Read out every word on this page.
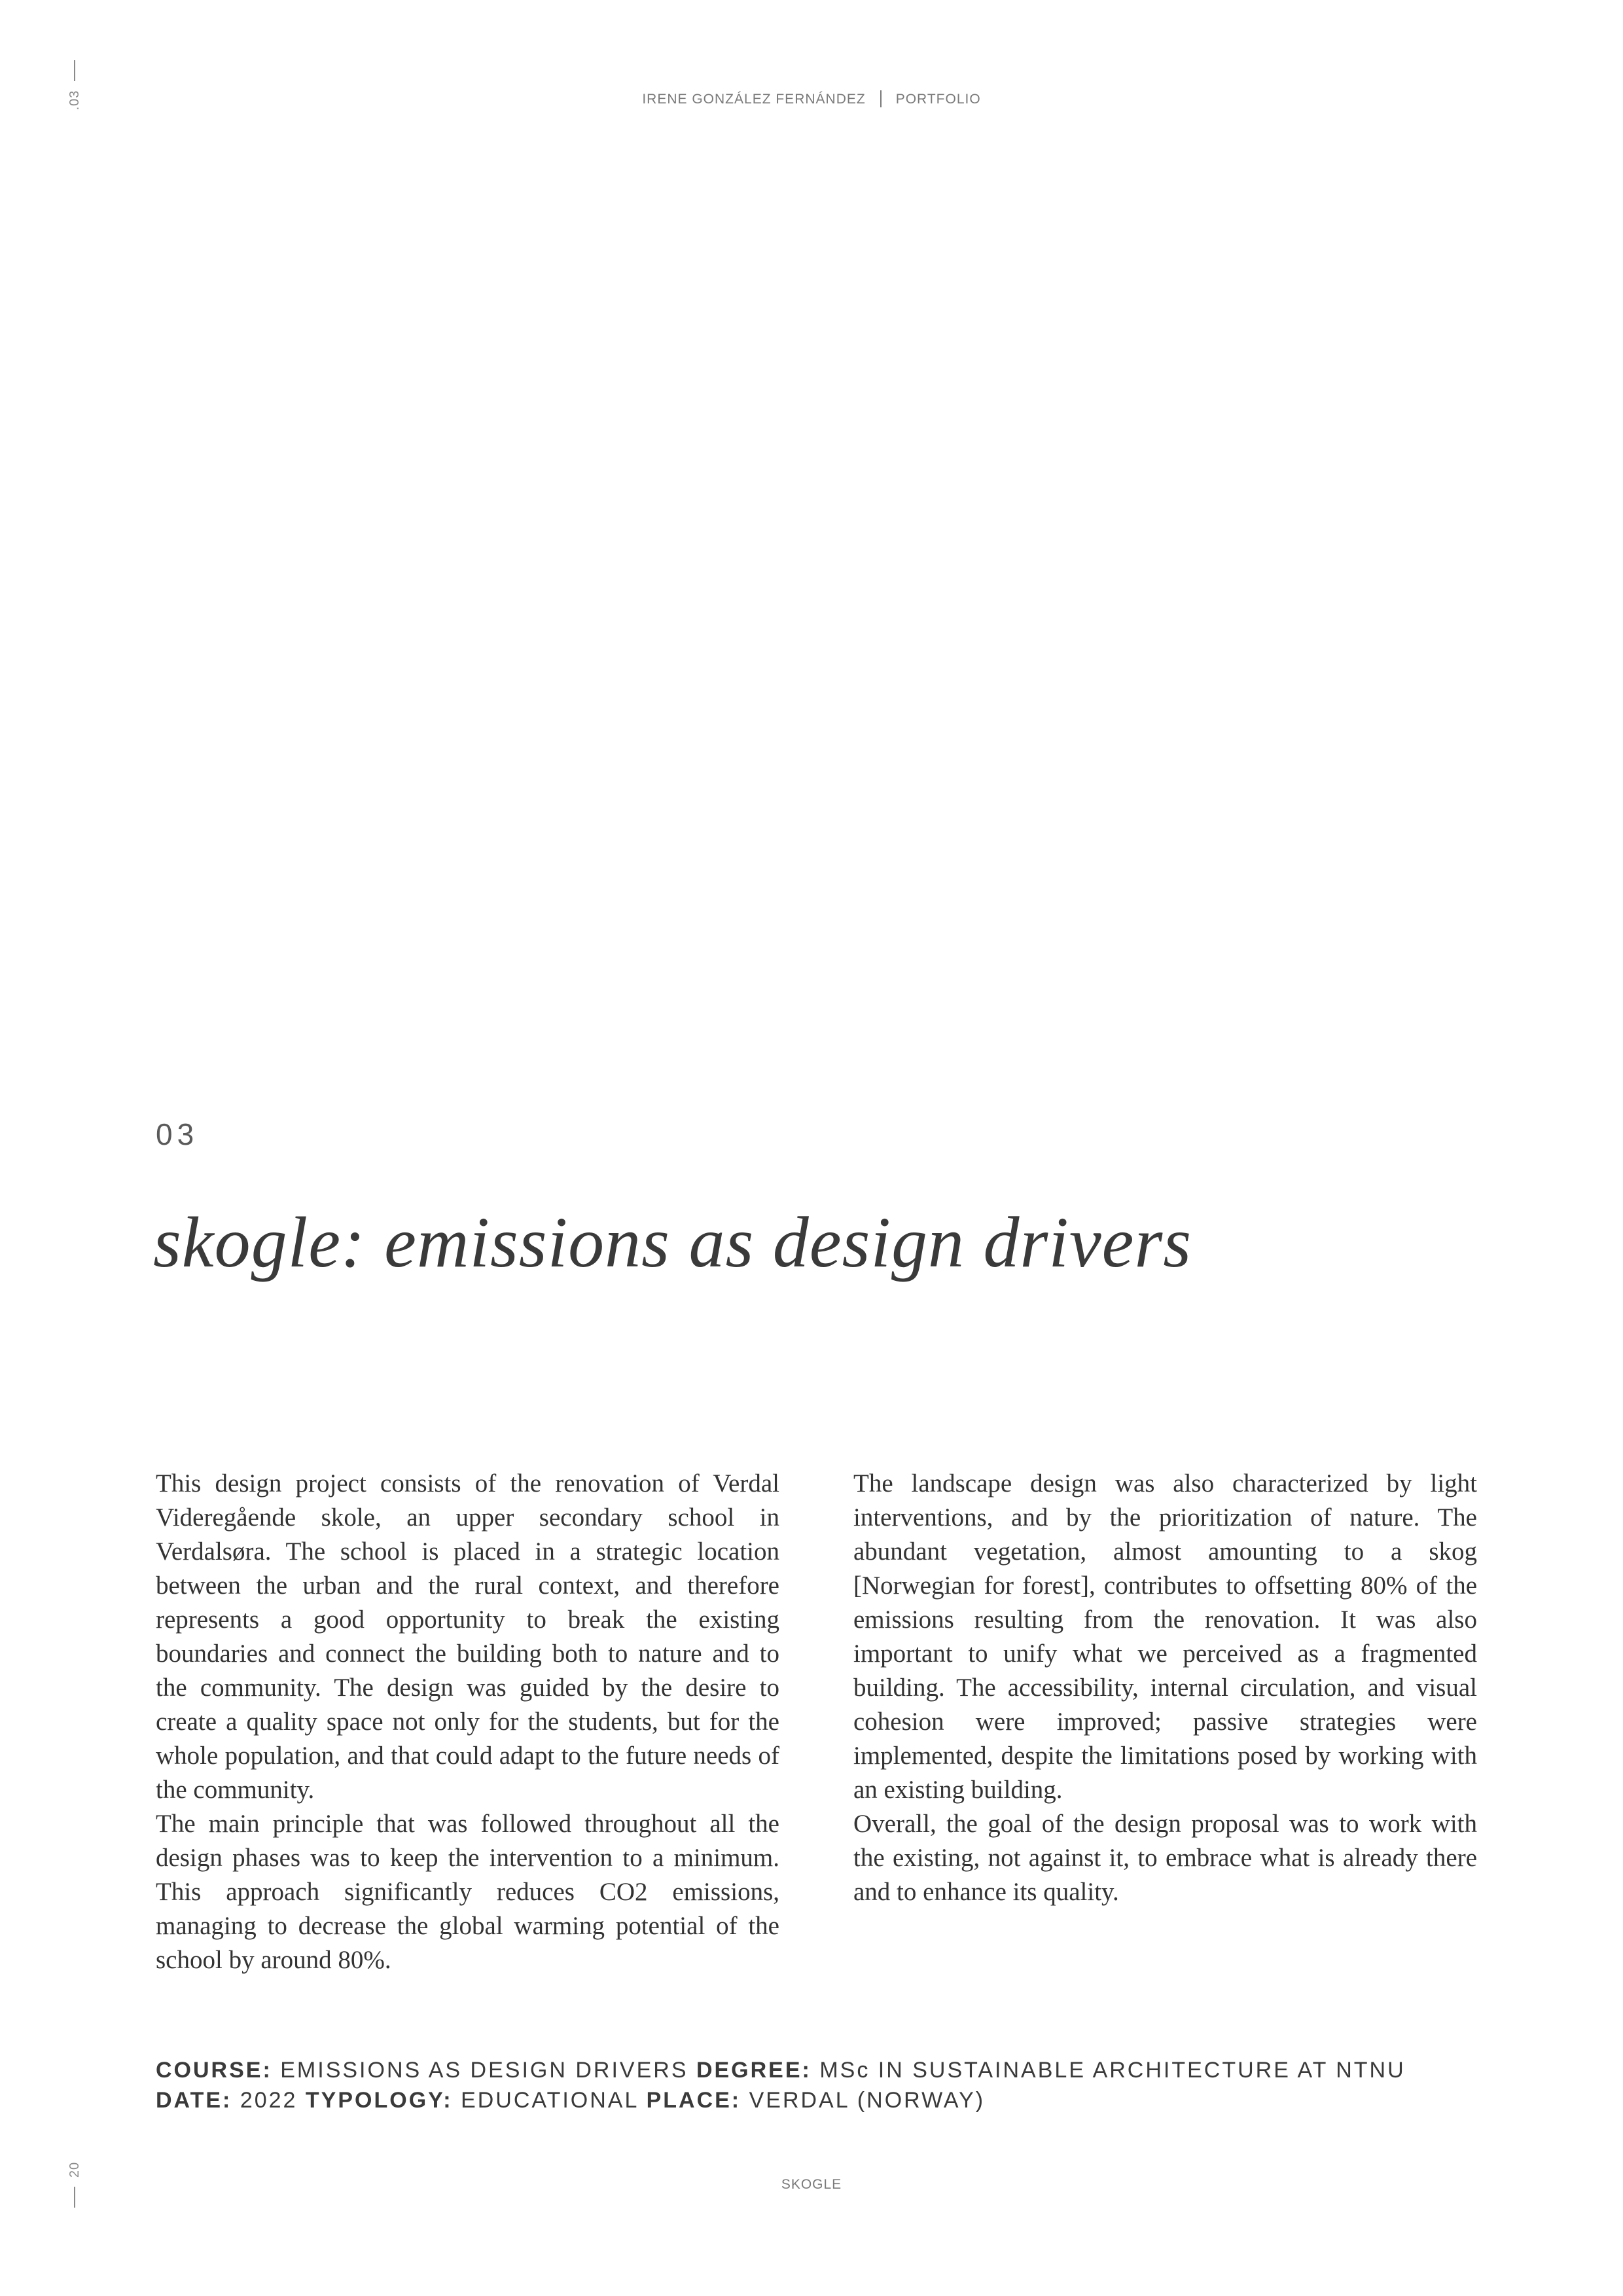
.03	IRENE GONZÁLEZ FERNÁNDEZ PORTFOLIO
03
skogle: emissions as design drivers

This design project consists of the renovation of Verdal Videregående skole, an upper secondary school in Verdalsøra. The school is placed in a strategic location between the urban and the rural context, and therefore represents a good opportunity to break the existing boundaries and connect the building both to nature and to the community. The design was guided by the desire to create a quality space not only for the students, but for the whole population, and that could adapt to the future needs of the community.

The main principle that was followed throughout all the design phases was to keep the intervention to a minimum. This approach significantly reduces CO2 emissions, managing to decrease the global warming potential of the school by around 80%.

The landscape design was also characterized by light interventions, and by the prioritization of nature. The abundant vegetation, almost amounting to a skog [Norwegian for forest], contributes to offsetting 80% of the emissions resulting from the renovation. It was also important to unify what we perceived as a fragmented building. The accessibility, internal circulation, and visual cohesion were improved; passive strategies were implemented, despite the limitations posed by working with an existing building.

Overall, the goal of the design proposal was to work with the existing, not against it, to embrace what is already there and to enhance its quality.

COURSE: EMISSIONS AS DESIGN DRIVERS DEGREE: MSc IN SUSTAINABLE ARCHITECTURE AT NTNU
DATE: 2022 TYPOLOGY: EDUCATIONAL PLACE: VERDAL (NORWAY)
20
SKOGLE
